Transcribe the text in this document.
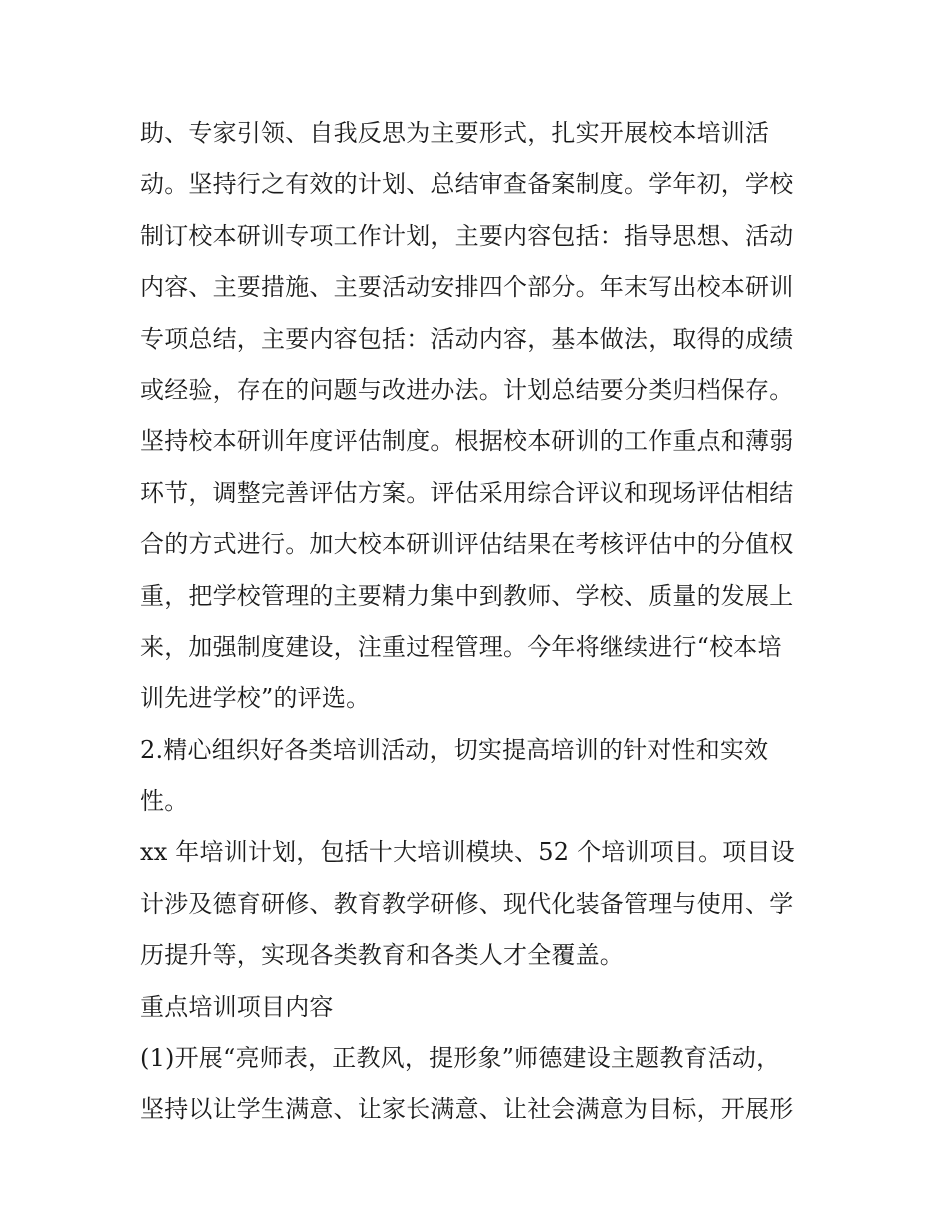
助、专家引领、自我反思为主要形式，扎实开展校本培训活
动。坚持行之有效的计划、总结审查备案制度。学年初，学校
制订校本研训专项工作计划，主要内容包括：指导思想、活动
内容、主要措施、主要活动安排四个部分。年末写出校本研训
专项总结，主要内容包括：活动内容，基本做法，取得的成绩
或经验，存在的问题与改进办法。计划总结要分类归档保存。
坚持校本研训年度评估制度。根据校本研训的工作重点和薄弱
环节，调整完善评估方案。评估采用综合评议和现场评估相结
合的方式进行。加大校本研训评估结果在考核评估中的分值权
重，把学校管理的主要精力集中到教师、学校、质量的发展上
来，加强制度建设，注重过程管理。今年将继续进行“校本培
训先进学校”的评选。
2.精心组织好各类培训活动，切实提高培训的针对性和实效
性。
xx 年培训计划，包括十大培训模块、52 个培训项目。项目设
计涉及德育研修、教育教学研修、现代化装备管理与使用、学
历提升等，实现各类教育和各类人才全覆盖。
重点培训项目内容
(1)开展“亮师表，正教风，提形象”师德建设主题教育活动，
坚持以让学生满意、让家长满意、让社会满意为目标，开展形
